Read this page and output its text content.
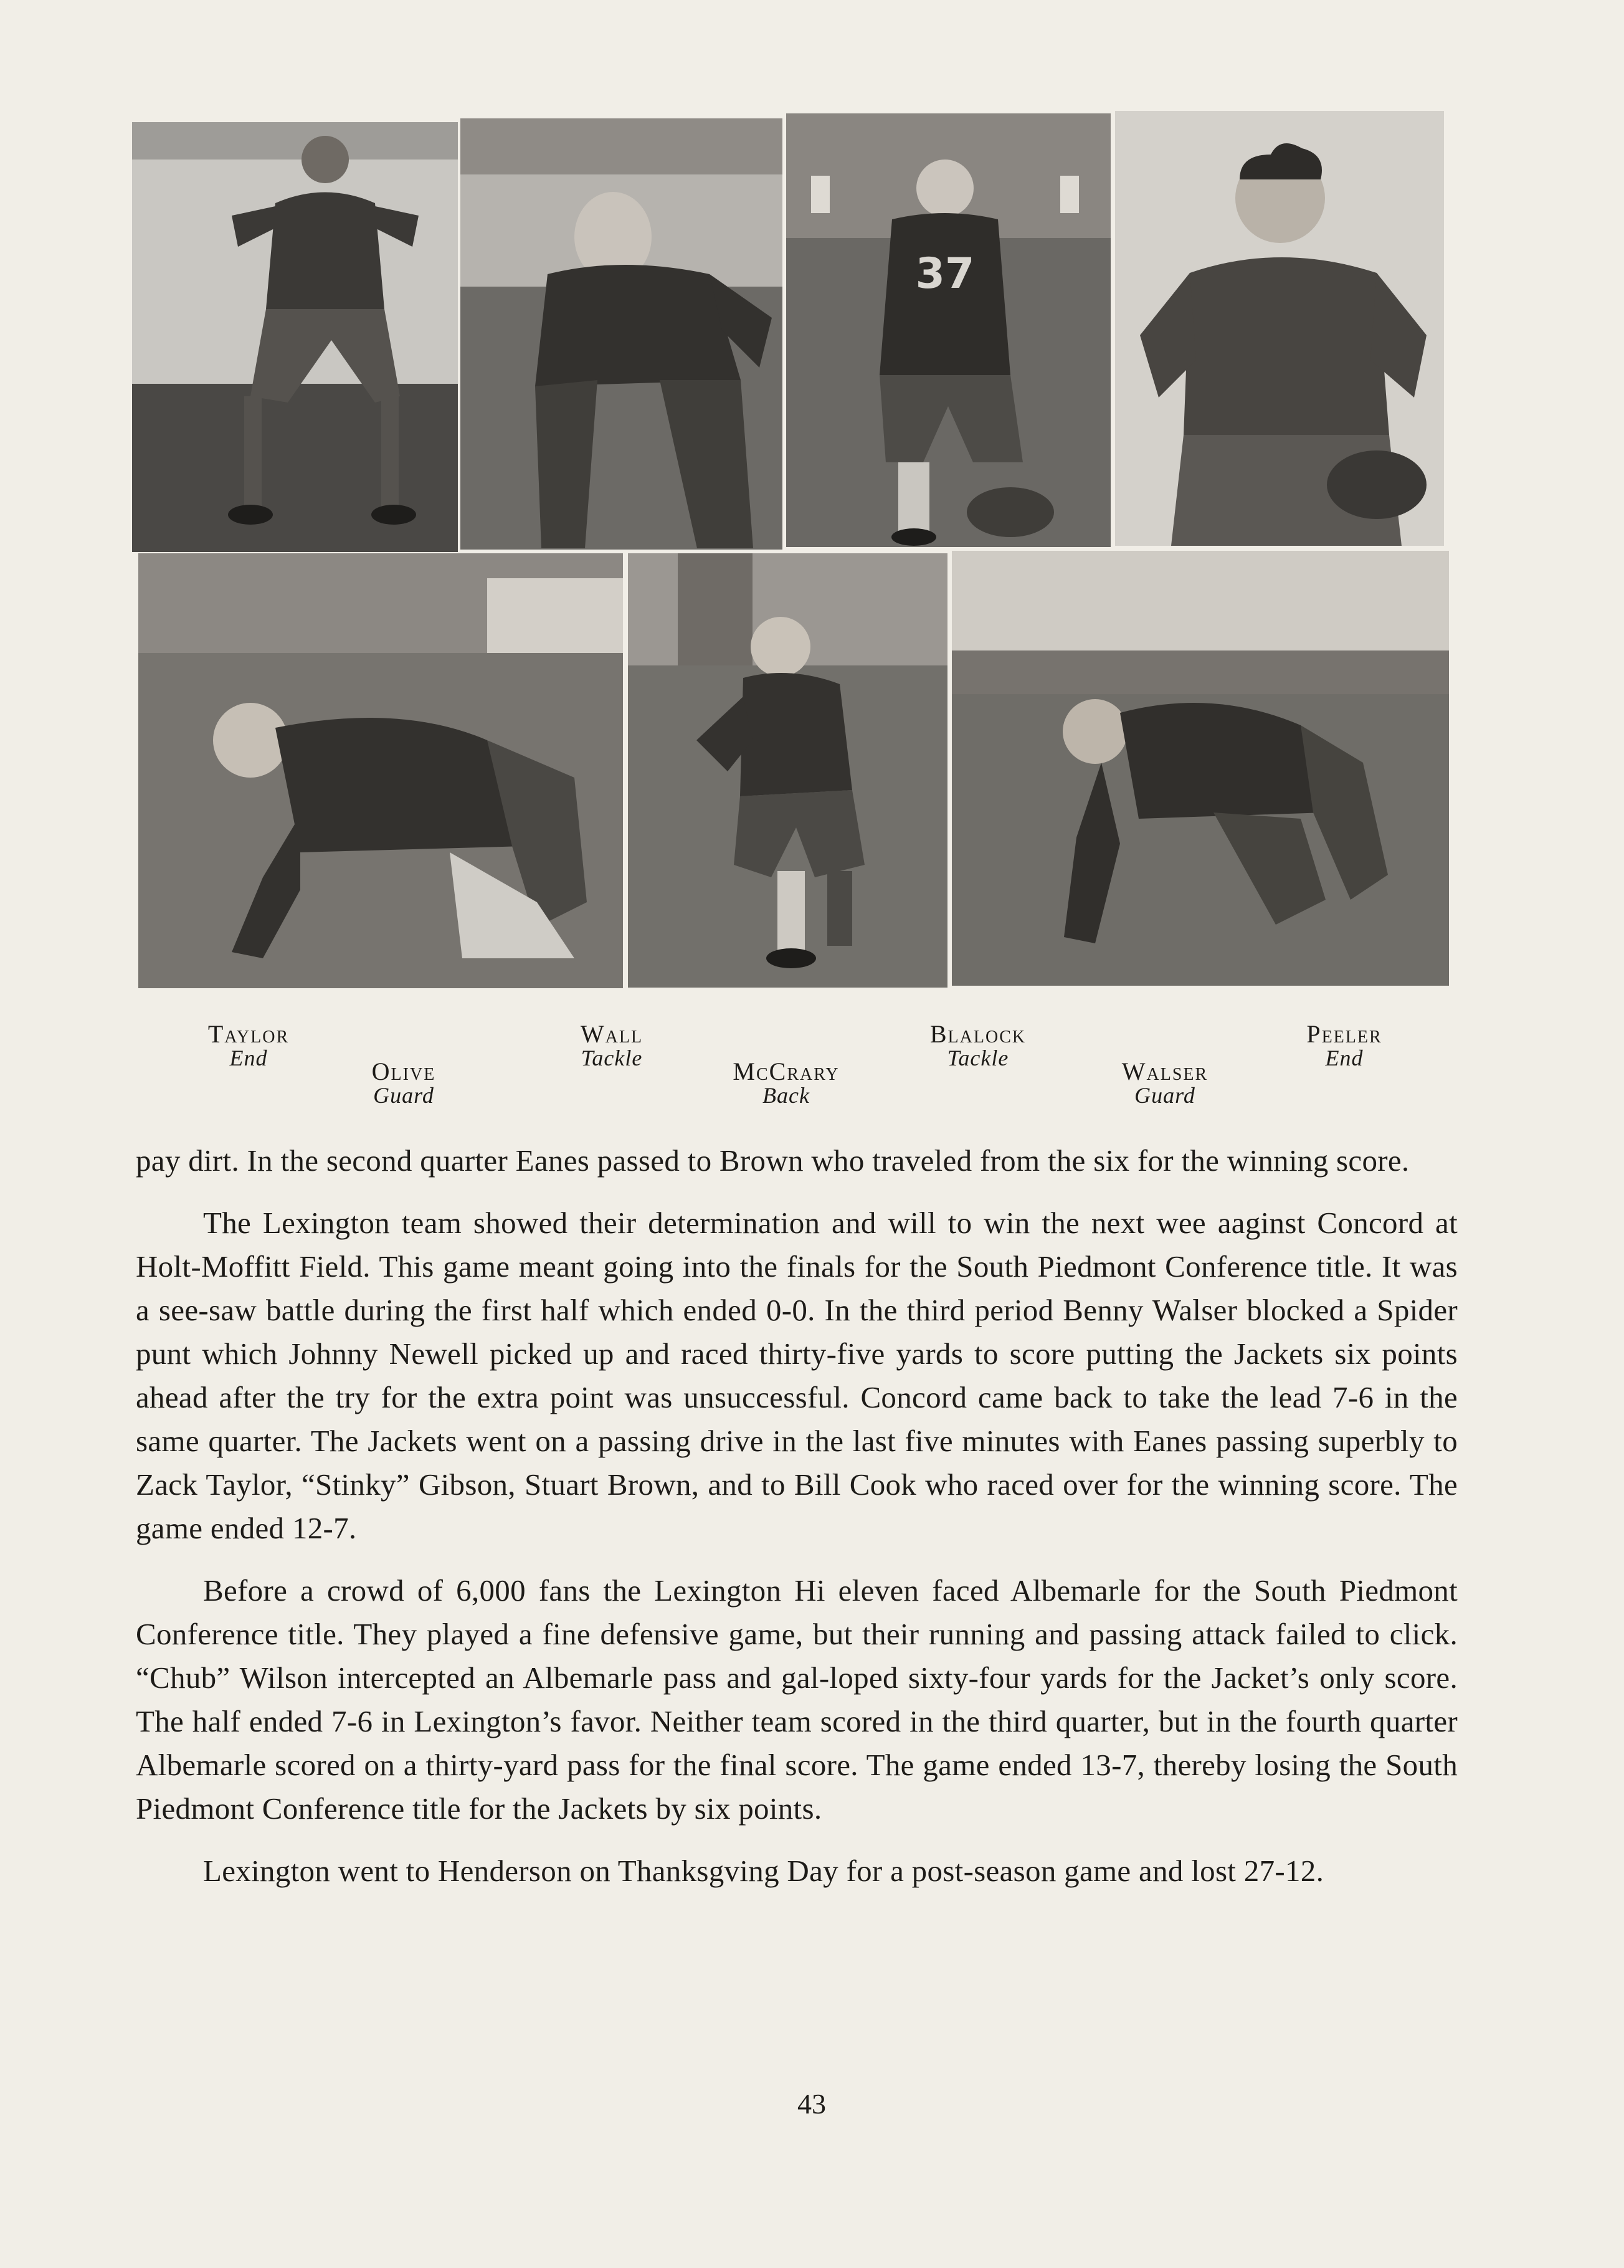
37
Taylor
End	Olive
Guard
Wall
Tackle	McCrary
Back
Blalock
Tackle	Walser
Guard
Peeler
End

pay dirt. In the second quarter Eanes passed to Brown who traveled from the six for the winning score.

The Lexington team showed their determination and will to win the next wee aaginst Concord at Holt-Moffitt Field. This game meant going into the finals for the South Piedmont Conference title. It was a see-saw battle during the first half which ended 0-0. In the third period Benny Walser blocked a Spider punt which Johnny Newell picked up and raced thirty-five yards to score putting the Jackets six points ahead after the try for the extra point was unsuccessful. Concord came back to take the lead 7-6 in the same quarter. The Jackets went on a passing drive in the last five minutes with Eanes passing superbly to Zack Taylor, “Stinky” Gibson, Stuart Brown, and to Bill Cook who raced over for the winning score. The game ended 12-7.

Before a crowd of 6,000 fans the Lexington Hi eleven faced Albemarle for the South Piedmont Conference title. They played a fine defensive game, but their running and passing attack failed to click. “Chub” Wilson intercepted an Albemarle pass and gal-loped sixty-four yards for the Jacket’s only score. The half ended 7-6 in Lexington’s favor. Neither team scored in the third quarter, but in the fourth quarter Albemarle scored on a thirty-yard pass for the final score. The game ended 13-7, thereby losing the South Piedmont Conference title for the Jackets by six points.

Lexington went to Henderson on Thanksgving Day for a post-season game and lost 27-12.

43
